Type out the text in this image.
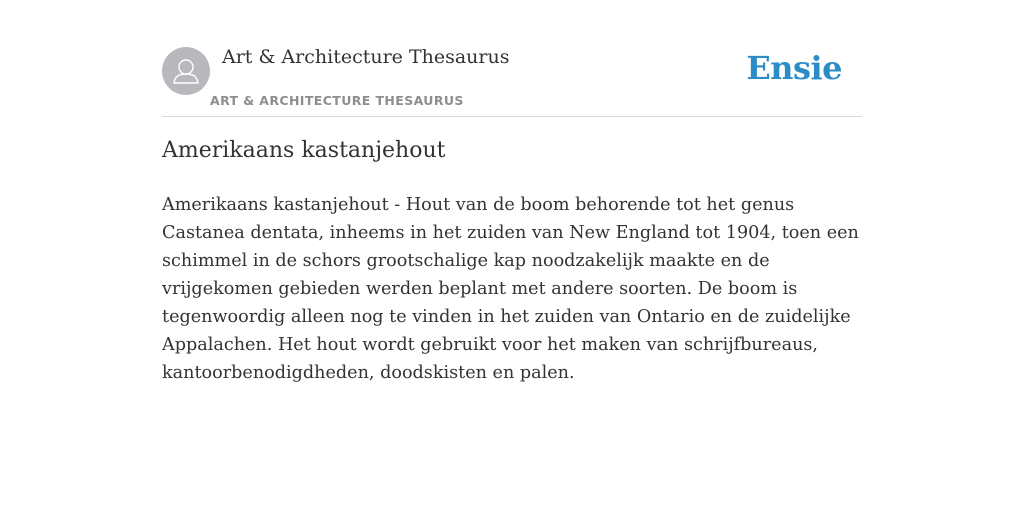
Art & Architecture Thesaurus
ART & ARCHITECTURE THESAURUS
Ensie
Amerikaans kastanjehout

Amerikaans kastanjehout - Hout van de boom behorende tot het genus Castanea dentata, inheems in het zuiden van New England tot 1904, toen een schimmel in de schors grootschalige kap noodzakelijk maakte en de vrijgekomen gebieden werden beplant met andere soorten. De boom is tegenwoordig alleen nog te vinden in het zuiden van Ontario en de zuidelijke Appalachen. Het hout wordt gebruikt voor het maken van schrijfbureaus, kantoorbenodigdheden, doodskisten en palen.
